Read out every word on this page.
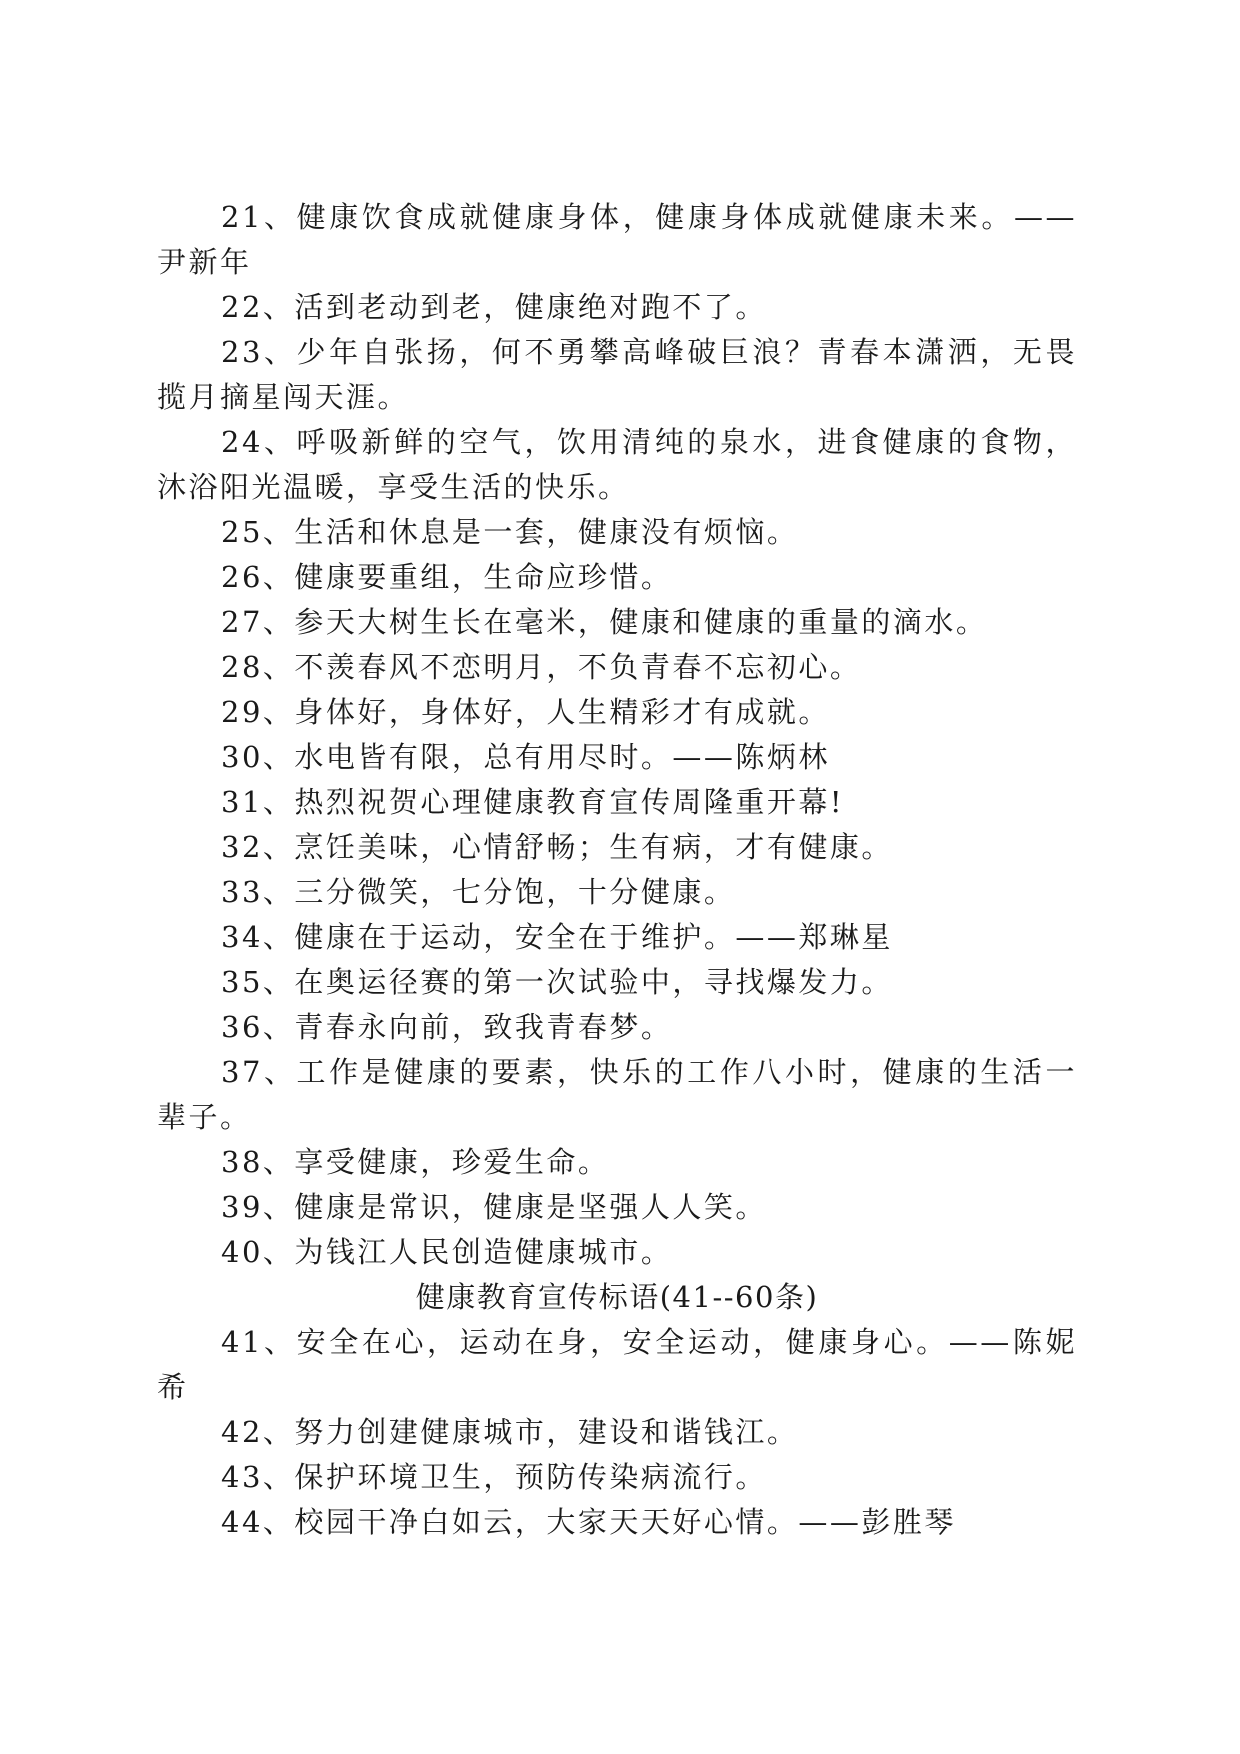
21、健康饮食成就健康身体，健康身体成就健康未来。——尹新年

22、活到老动到老，健康绝对跑不了。

23、少年自张扬，何不勇攀高峰破巨浪？青春本潇洒，无畏揽月摘星闯天涯。

24、呼吸新鲜的空气，饮用清纯的泉水，进食健康的食物，沐浴阳光温暖，享受生活的快乐。

25、生活和休息是一套，健康没有烦恼。

26、健康要重组，生命应珍惜。

27、参天大树生长在毫米，健康和健康的重量的滴水。

28、不羡春风不恋明月，不负青春不忘初心。

29、身体好，身体好，人生精彩才有成就。

30、水电皆有限，总有用尽时。——陈炳林

31、热烈祝贺心理健康教育宣传周隆重开幕!

32、烹饪美味，心情舒畅；生有病，才有健康。

33、三分微笑，七分饱，十分健康。

34、健康在于运动，安全在于维护。——郑琳星

35、在奥运径赛的第一次试验中，寻找爆发力。

36、青春永向前，致我青春梦。

37、工作是健康的要素，快乐的工作八小时，健康的生活一辈子。

38、享受健康，珍爱生命。

39、健康是常识，健康是坚强人人笑。

40、为钱江人民创造健康城市。

健康教育宣传标语(41--60条)

41、安全在心，运动在身，安全运动，健康身心。——陈妮希

42、努力创建健康城市，建设和谐钱江。

43、保护环境卫生，预防传染病流行。

44、校园干净白如云，大家天天好心情。——彭胜琴
